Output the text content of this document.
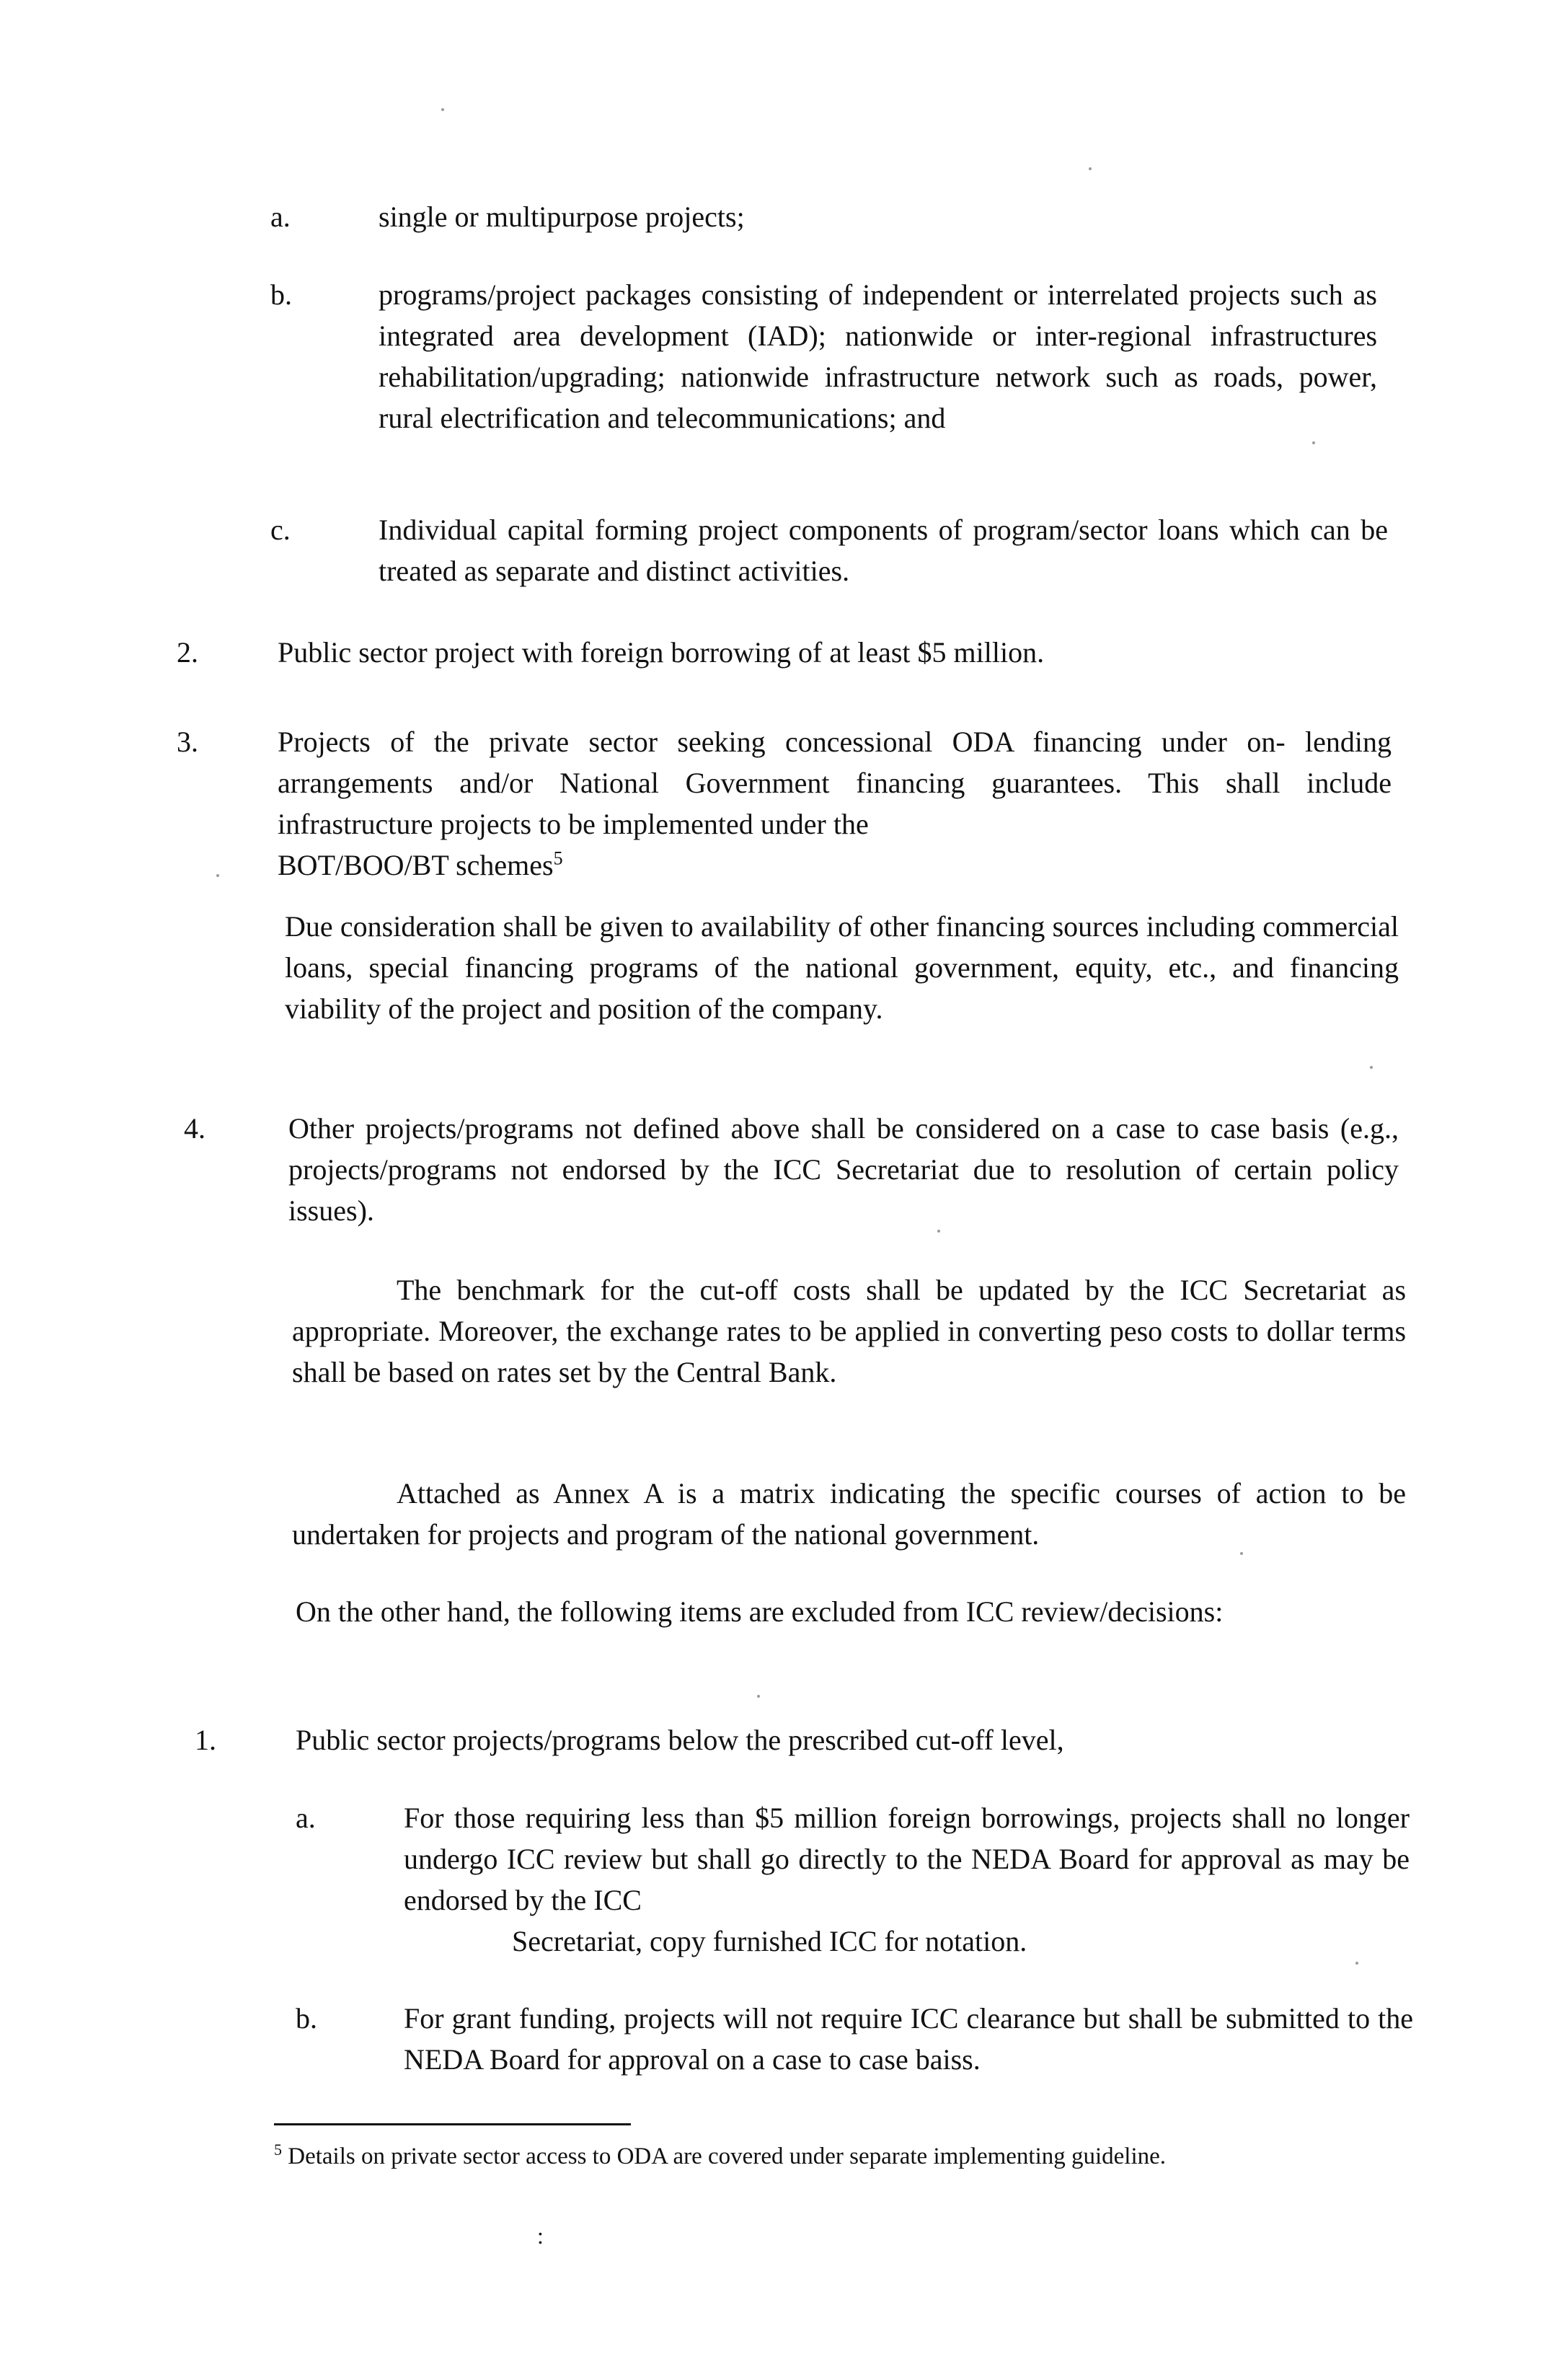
a.	single or multipurpose projects;
b.	programs/project packages consisting of independent or interrelated projects such as integrated area development (IAD); nationwide or inter-regional infrastructures rehabilitation/upgrading; nationwide infrastructure network such as roads, power, rural electrification and telecommunications; and
c.	Individual capital forming project components of program/sector loans which can be treated as separate and distinct activities.
2.	Public sector project with foreign borrowing of at least $5 million.
3.	Projects of the private sector seeking concessional ODA financing under on- lending arrangements and/or National Government financing guarantees. This shall include infrastructure projects to be implemented under the
BOT/BOO/BT schemes$^5$
Due consideration shall be given to availability of other financing sources including commercial loans, special financing programs of the national government, equity, etc., and financing viability of the project and position of the company.
4.	Other projects/programs not defined above shall be considered on a case to case basis (e.g., projects/programs not endorsed by the ICC Secretariat due to resolution of certain policy issues).
The benchmark for the cut-off costs shall be updated by the ICC Secretariat as appropriate. Moreover, the exchange rates to be applied in converting peso costs to dollar terms shall be based on rates set by the Central Bank.
Attached as Annex A is a matrix indicating the specific courses of action to be undertaken for projects and program of the national government.
On the other hand, the following items are excluded from ICC review/decisions:
1.	Public sector projects/programs below the prescribed cut-off level,
a.	For those requiring less than $5 million foreign borrowings, projects shall no longer undergo ICC review but shall go directly to the NEDA Board for approval as may be endorsed by the ICC
Secretariat, copy furnished ICC for notation.
b.	For grant funding, projects will not require ICC clearance but shall be submitted to the NEDA Board for approval on a case to case baiss.
$^5$ Details on private sector access to ODA are covered under separate implementing guideline.
:
